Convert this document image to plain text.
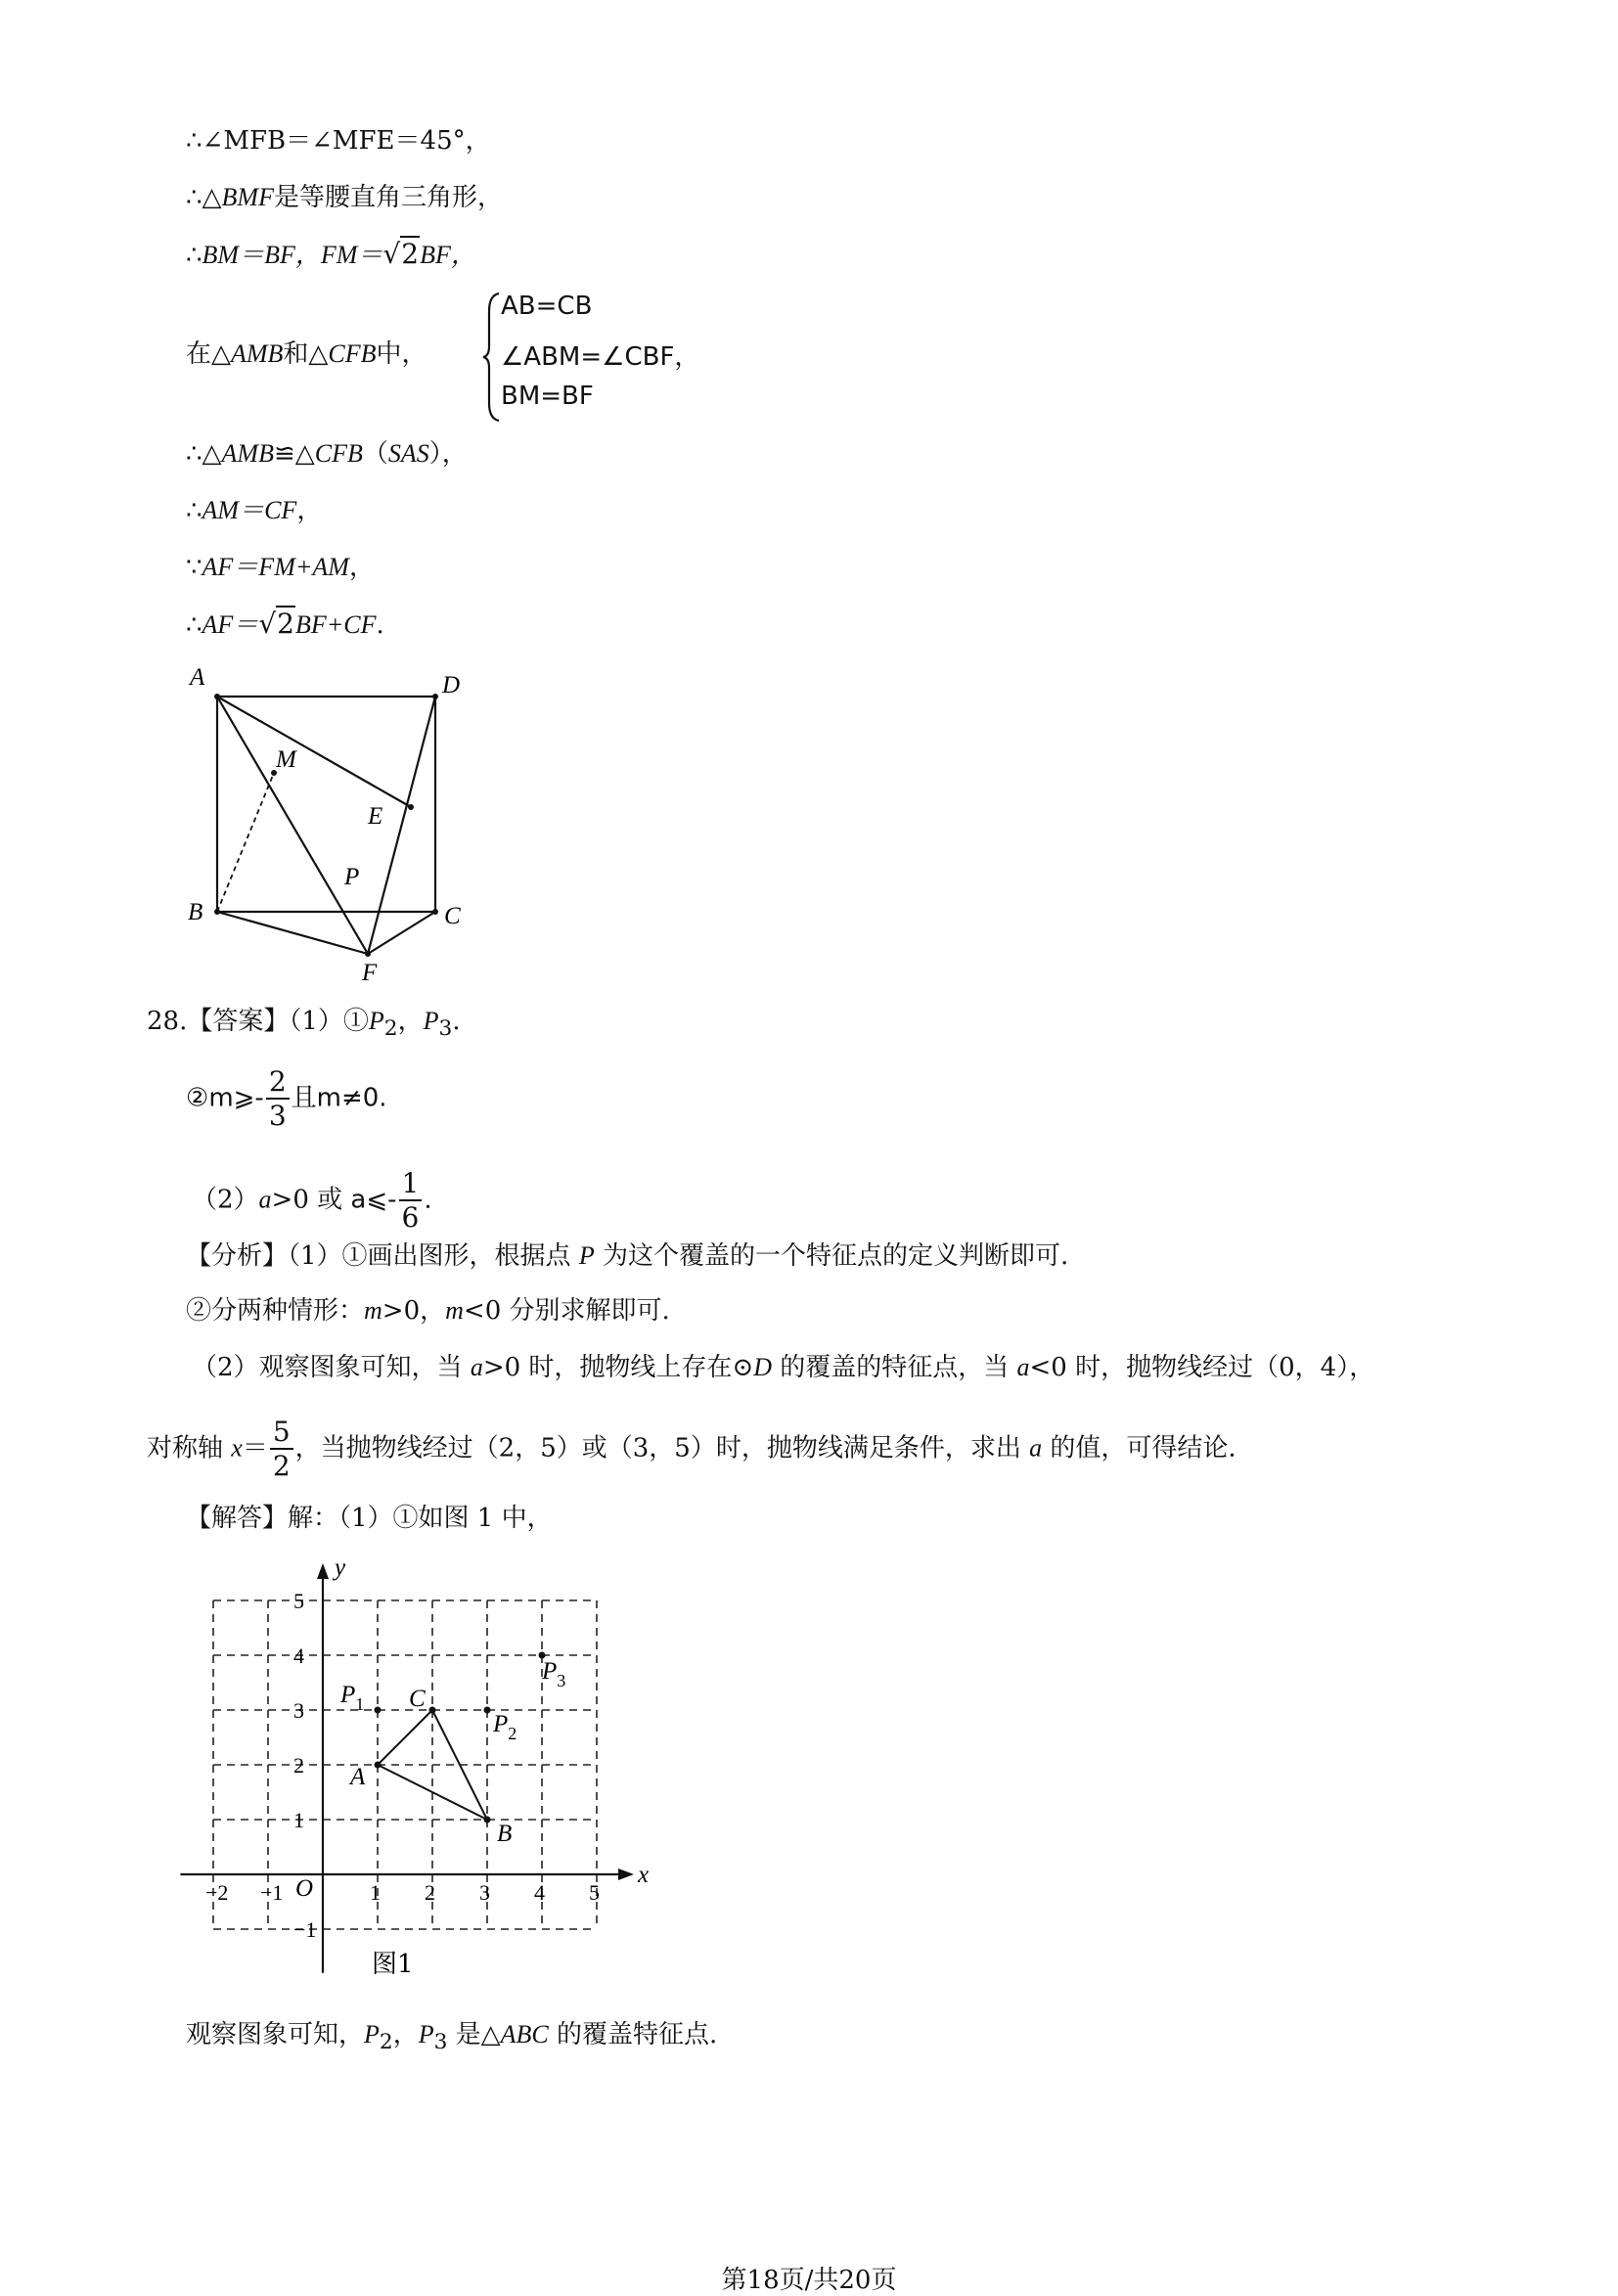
∴∠MFB＝∠MFE＝45°，
∴△BMF是等腰直角三角形，
∴BM＝BF，FM＝√2BF，
在△AMB和△CFB中，
AB=CB
∠ABM=∠CBF，
BM=BF
∴△AMB≌△CFB（SAS），
∴AM＝CF，
∵AF＝FM+AM，
∴AF＝√2BF+CF.
A	D
M
E
P
B	C
F
28.【答案】$(1)①P_2$，$P_3$.
②m⩾- $\frac{2}{3}$ 且m≠0.
（2）a>0 或 a⩽- $\frac{1}{6}$ .
【分析】（1）①画出图形，根据点 P 为这个覆盖的一个特征点的定义判断即可.
②分两种情形：m>0，m<0 分别求解即可.
（2）观察图象可知，当 a>0 时，抛物线上存在⊙D 的覆盖的特征点，当 a<0 时，抛物线经过（0，4），
对称轴 $x= \frac{5}{2}$ ，当抛物线经过（2，5）或（3，5）时，抛物线满足条件，求出 a 的值，可得结论.
【解答】解：（1）①如图 1 中，
x
y
O
−2 −1	1 2 3 4 5
5
4
3
2
1
−1
A
B
C
$P_1$
$P_2$
$P_3$
图1
观察图象可知，$P_2$，$P_3$ 是△ABC 的覆盖特征点.
第18页/共20页
